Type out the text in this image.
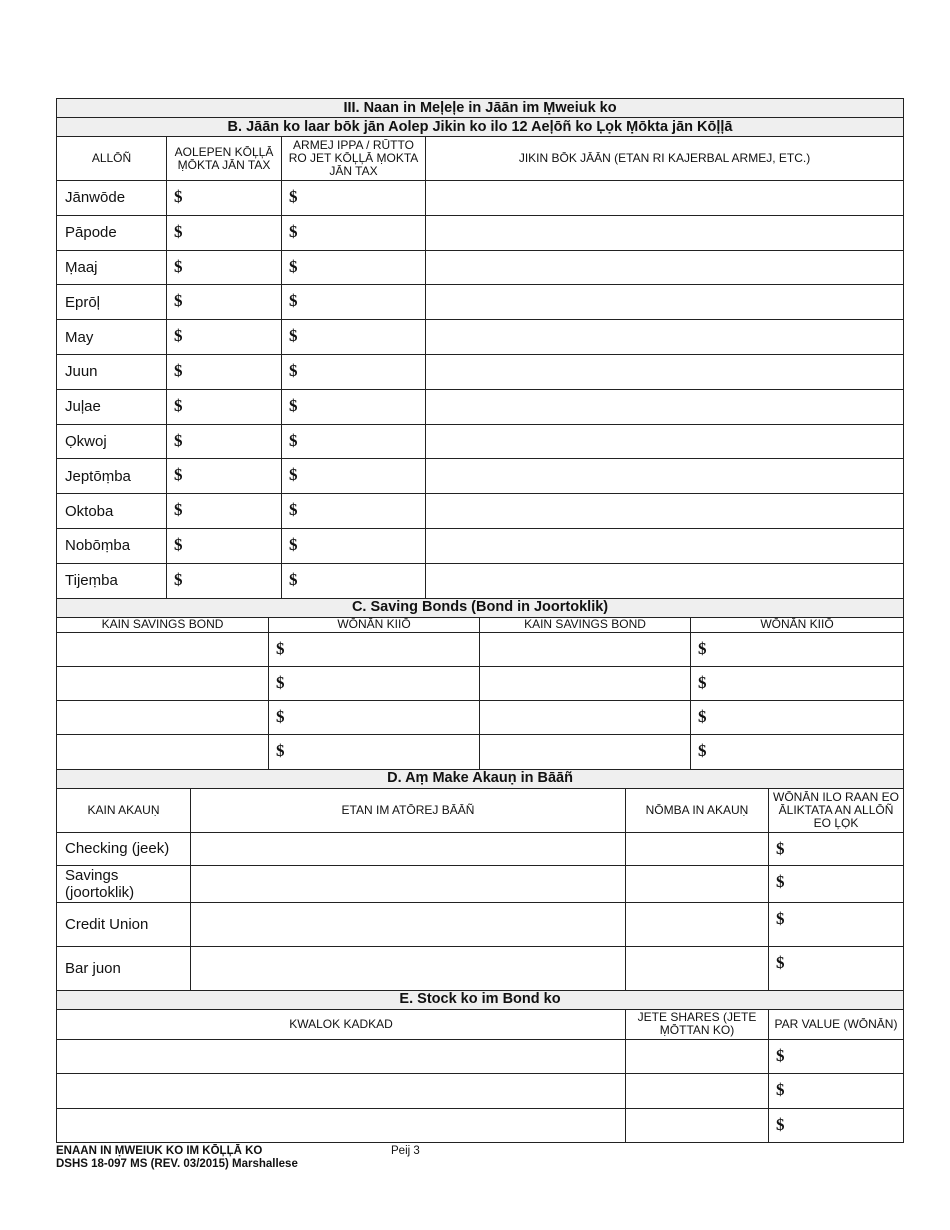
III. Naan in Meļeļe in Jāān im Ṃweiuk ko			
B. Jāān ko laar bōk jān Aolep Jikin ko ilo 12 Aeļōñ ko Ļọk Ṃōkta jān Kōļļā			
ALLŌÑ	AOLEPEN KŌĻĻĀ ṂŌKTA JĀN TAX	ARMEJ IPPA / RŪTTO RO JET KŌĻĻĀ ṂOKTA JĀN TAX	JIKIN BŌK JĀĀN (ETAN RI KAJERBAL ARMEJ, ETC.)
Jānwōde	$	$	
Pāpode	$	$	
Ṃaaj	$	$	
Eprōļ	$	$	
May	$	$	
Juun	$	$	
Juļae	$	$	
Ọkwoj	$	$	
Jeptōṃba	$	$	
Oktoba	$	$	
Nobōṃba	$	$	
Tijeṃba	$	$	
C. Saving Bonds (Bond in Joortoklik)			
KAIN SAVINGS BOND	WŌNĀN KIIŌ	KAIN SAVINGS BOND	WŌNĀN KIIŌ
	$		$
	$		$
	$		$
	$		$
D. Aṃ Make Akauṇ in Bāāñ			
KAIN AKAUṆ	ETAN IM ATŌREJ BĀĀÑ	NŌMBA IN AKAUṆ	WŌNĀN ILO RAAN EO ĀLIKTATA AN ALLŌÑ EO ĻỌK
Checking (jeek)			$
Savings (joortoklik)			$
Credit Union			$
Bar juon			$
E. Stock ko im Bond ko		
KWALOK KADKAD	JETE SHARES (JETE ṂŌTTAN KO)	PAR VALUE (WŌNĀN)
		$
		$
		$
ENAAN IN ṂWEIUK KO IM KŌĻĻĀ KO
DSHS 18-097 MS (REV. 03/2015) Marshallese
Peij 3
